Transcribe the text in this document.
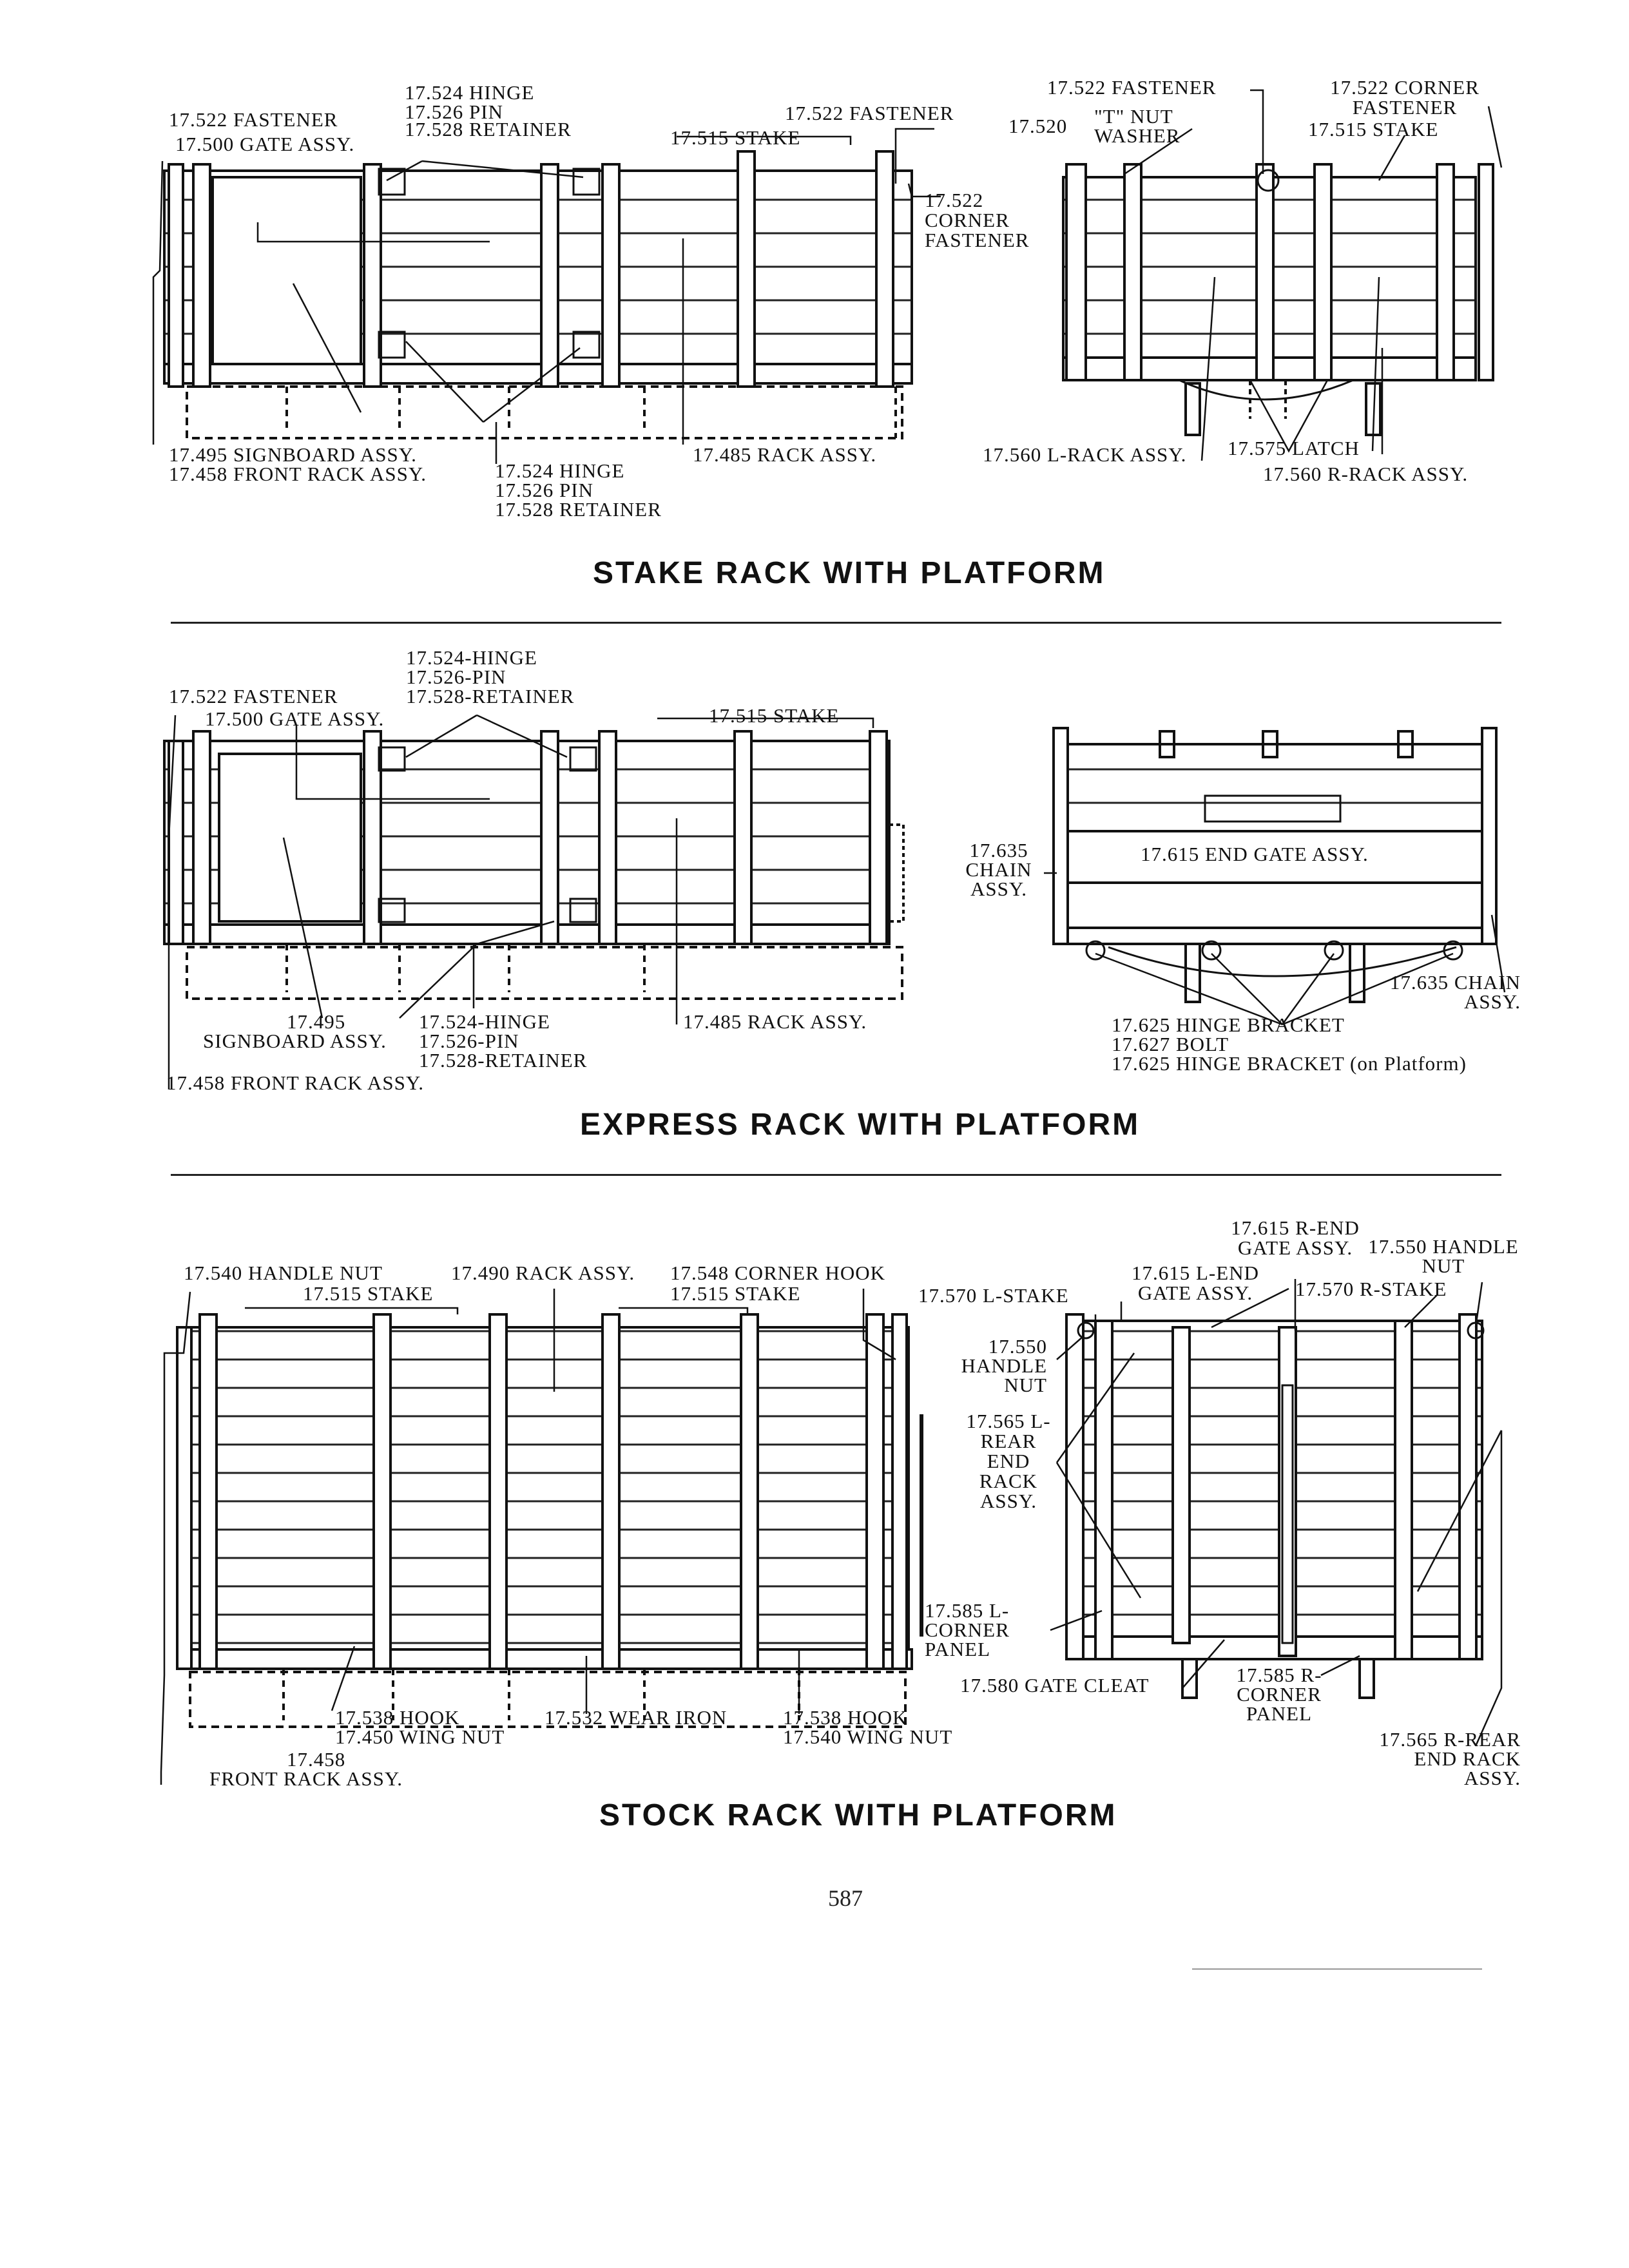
17.524 HINGE
17.526 PIN
17.528 RETAINER
17.522 FASTENER
17.500 GATE ASSY.
17.522 FASTENER
17.515 STAKE
17.522 CORNER FASTENER
17.495 SIGNBOARD ASSY.
17.458 FRONT RACK ASSY.	17.524 HINGE
17.526 PIN
17.528 RETAINER
17.485 RACK ASSY.
17.522 FASTENER
17.520 "T" NUT
WASHER
17.522 CORNER FASTENER
17.515 STAKE
17.560 L-RACK ASSY. 17.575 LATCH
17.560 R-RACK ASSY.
STAKE RACK WITH PLATFORM
17.524-HINGE
17.526-PIN
17.528-RETAINER
17.522 FASTENER
17.500 GATE ASSY.	17.515 STAKE
17.495
SIGNBOARD ASSY.
17.524-HINGE
17.526-PIN
17.528-RETAINER
17.485 RACK ASSY.
17.458 FRONT RACK ASSY.
17.635 CHAIN ASSY.
17.615 END GATE ASSY.
17.635 CHAIN ASSY.
17.625 HINGE BRACKET
17.627 BOLT
17.625 HINGE BRACKET (on Platform)
EXPRESS RACK WITH PLATFORM
17.540 HANDLE NUT	17.490 RACK ASSY. 17.548 CORNER HOOK
17.515 STAKE	17.515 STAKE
17.538 HOOK
17.450 WING NUT
17.532 WEAR IRON	17.538 HOOK
17.540 WING NUT
17.458
FRONT RACK ASSY.
17.615 R-END GATE ASSY. 17.550 HANDLE NUT
17.615 L-END GATE ASSY.	17.570 R-STAKE
17.570 L-STAKE
17.550 HANDLE NUT
17.565 L-REAR END RACK ASSY.
17.585 L-CORNER PANEL
17.580 GATE CLEAT	17.585 R-CORNER PANEL
17.565 R-REAR END RACK ASSY.
STOCK RACK WITH PLATFORM
587
